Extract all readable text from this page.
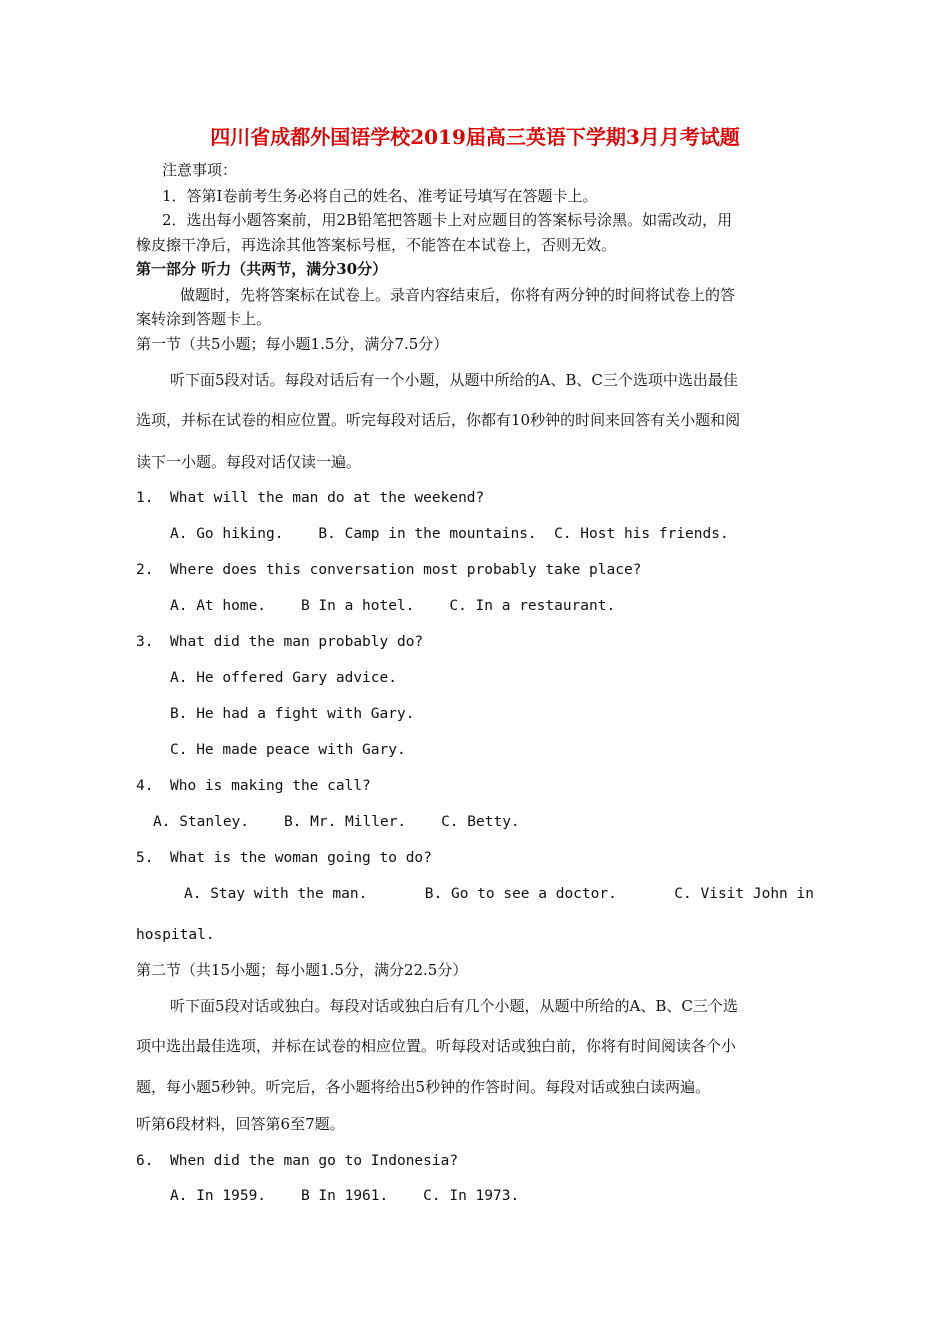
四川省成都外国语学校2019届高三英语下学期3月月考试题
注意事项：
1．答第Ⅰ卷前考生务必将自己的姓名、准考证号填写在答题卡上。
2．选出每小题答案前，用2B铅笔把答题卡上对应题目的答案标号涂黑。如需改动，用
橡皮擦干净后，再选涂其他答案标号框，不能答在本试卷上，否则无效。
第一部分 听力（共两节，满分30分）
做题时，先将答案标在试卷上。录音内容结束后，你将有两分钟的时间将试卷上的答
案转涂到答题卡上。
第一节（共5小题；每小题1.5分，满分7.5分）
听下面5段对话。每段对话后有一个小题，从题中所给的A、B、C三个选项中选出最佳
选项，并标在试卷的相应位置。听完每段对话后，你都有10秒钟的时间来回答有关小题和阅
读下一小题。每段对话仅读一遍。
1. What will the man do at the weekend?
A. Go hiking.    B. Camp in the mountains.  C. Host his friends.
2. Where does this conversation most probably take place?
A. At home.    B In a hotel.    C. In a restaurant.
3. What did the man probably do?
A. He offered Gary advice.
B. He had a fight with Gary.
C. He made peace with Gary.
4. Who is making the call?
A. Stanley.    B. Mr. Miller.    C. Betty.
5. What is the woman going to do?
A. Stay with the man.	B. Go to see a doctor.	C. Visit John in
hospital.
第二节（共15小题；每小题1.5分，满分22.5分）
听下面5段对话或独白。每段对话或独白后有几个小题，从题中所给的A、B、C三个选
项中选出最佳选项，并标在试卷的相应位置。听每段对话或独白前，你将有时间阅读各个小
题，每小题5秒钟。听完后，各小题将给出5秒钟的作答时间。每段对话或独白读两遍。
听第6段材料，回答第6至7题。
6. When did the man go to Indonesia?
A. In 1959.    B In 1961.    C. In 1973.
